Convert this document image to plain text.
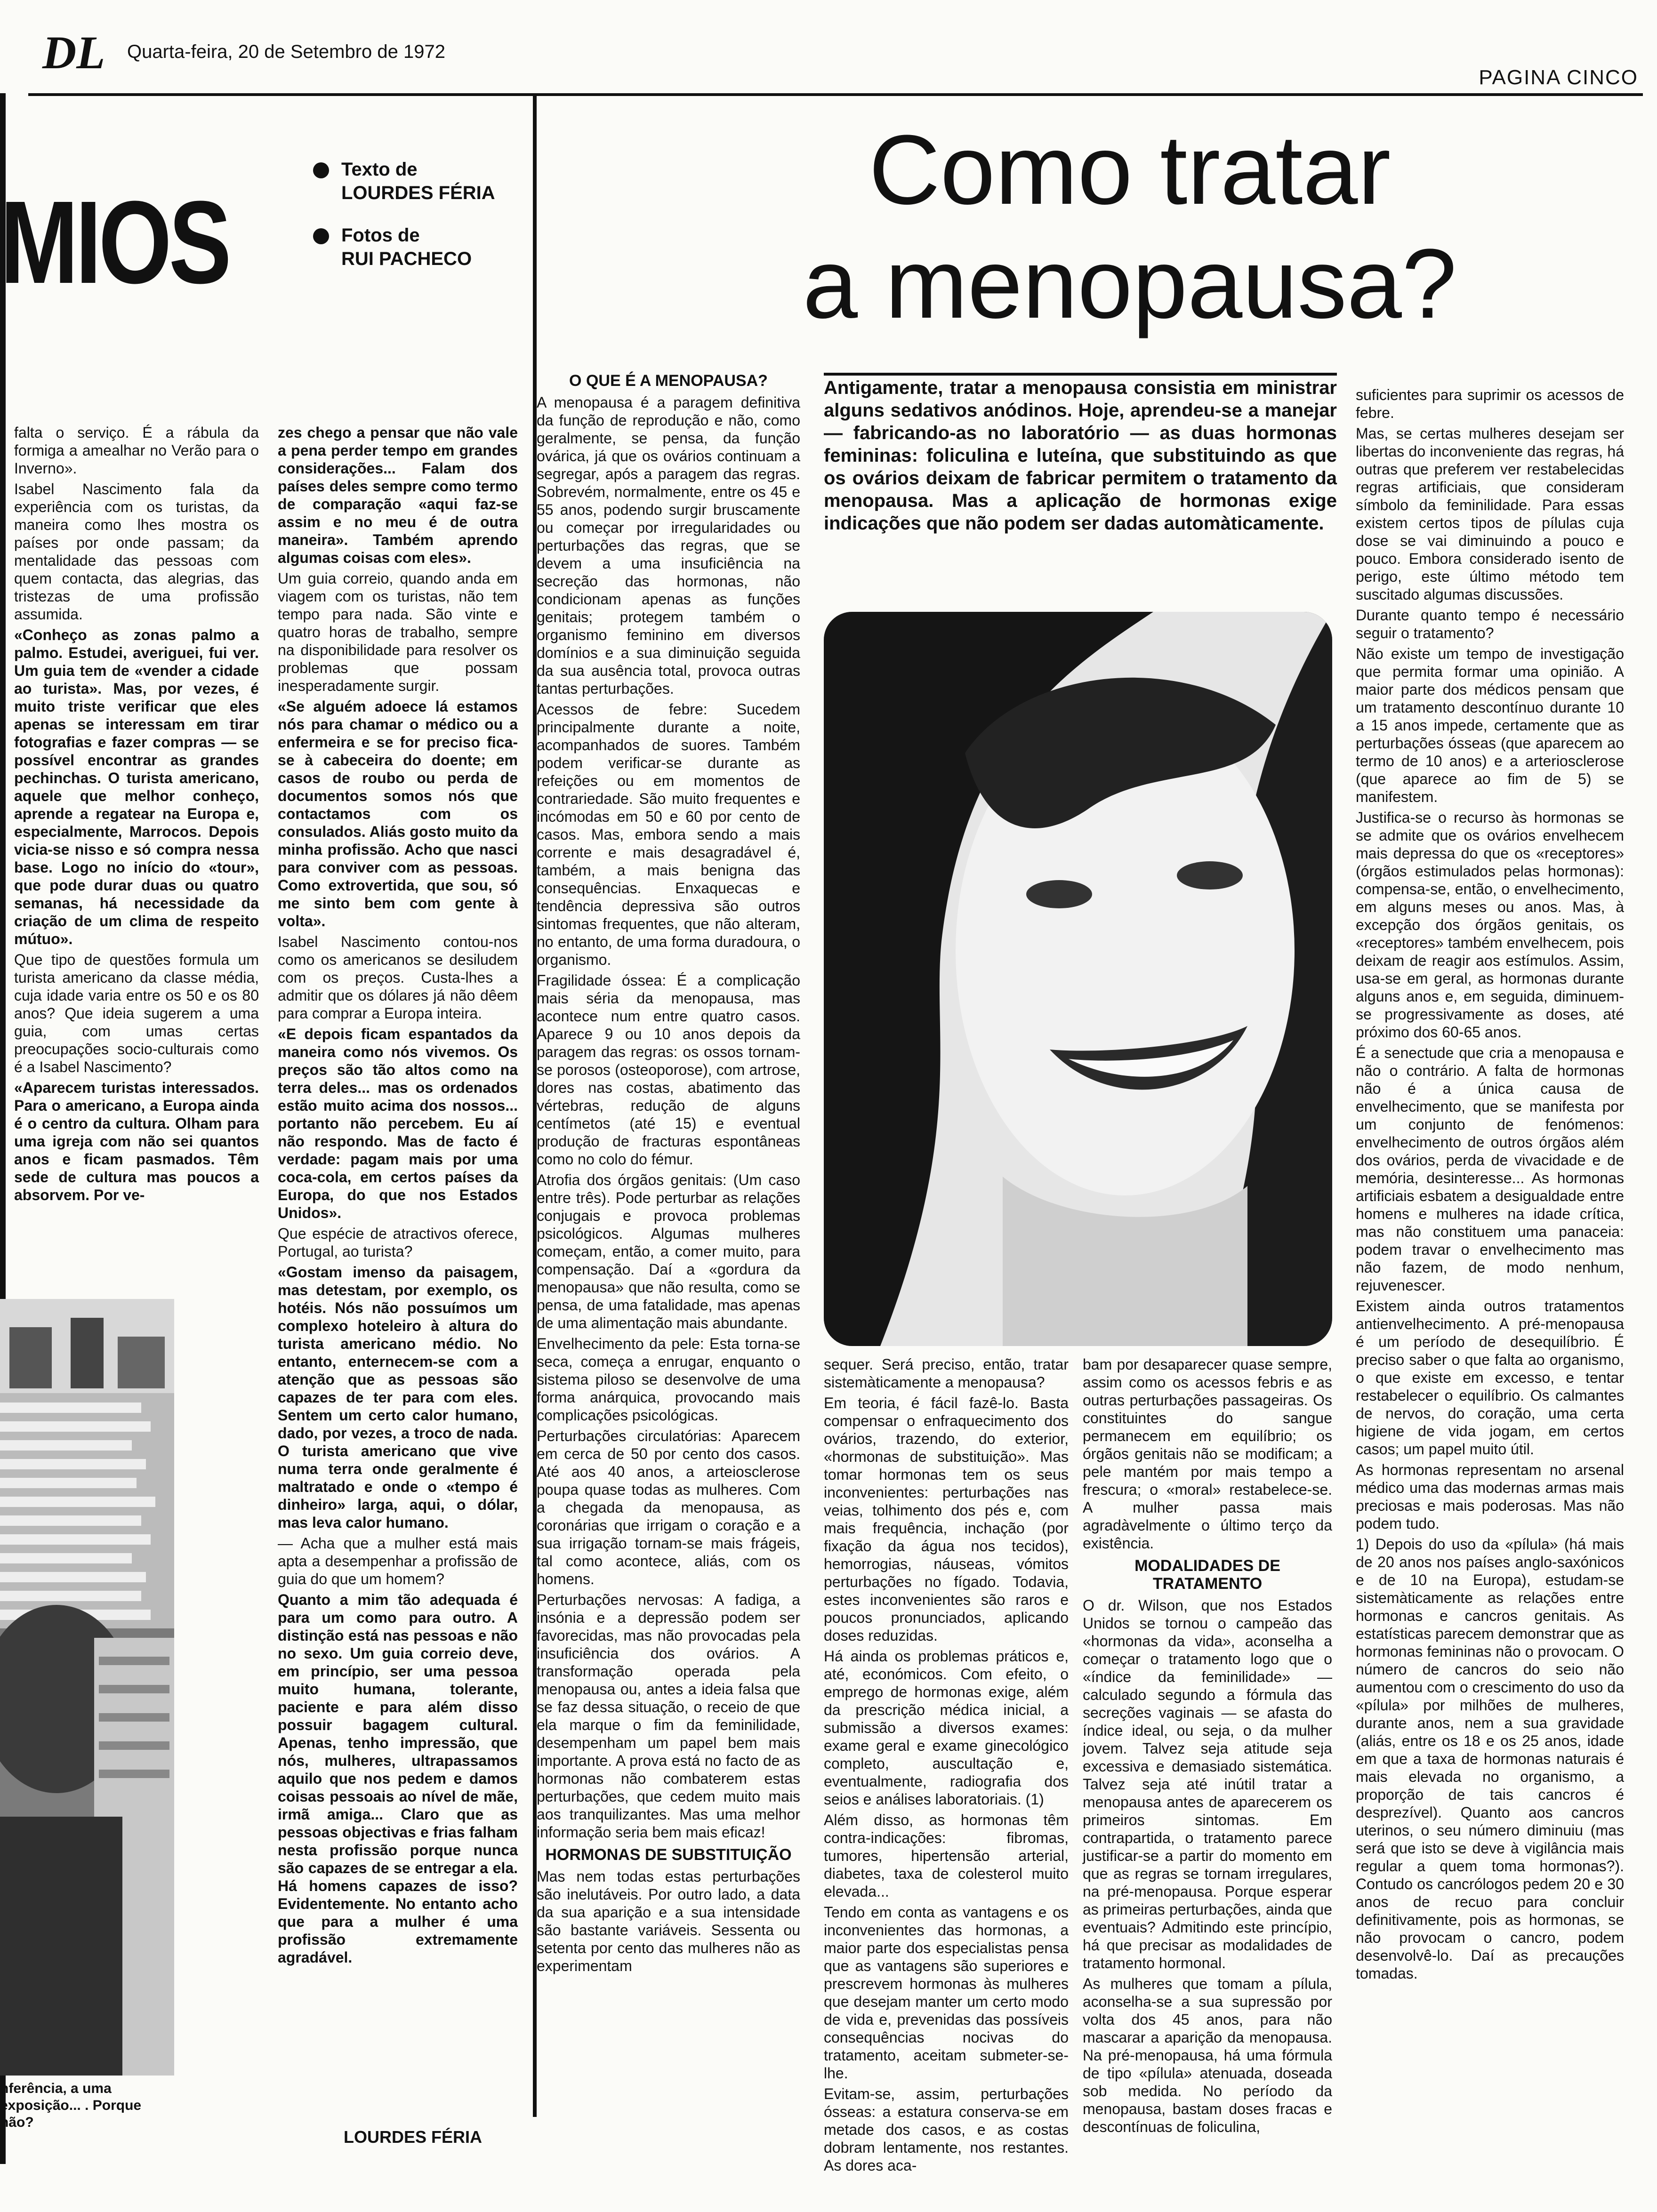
DL Quarta-feira, 20 de Setembro de 1972
PAGINA CINCO
MIOS
Texto de
LOURDES FÉRIA
Fotos de
RUI PACHECO

falta o serviço. É a rábula da formiga a amealhar no Verão para o Inverno».

Isabel Nascimento fala da experiência com os turistas, da maneira como lhes mostra os países por onde passam; da mentalidade das pessoas com quem contacta, das alegrias, das tristezas de uma profissão assumida.

«Conheço as zonas palmo a palmo. Estudei, averiguei, fui ver. Um guia tem de «vender a cidade ao turista». Mas, por vezes, é muito triste verificar que eles apenas se interessam em tirar fotografias e fazer compras — se possível encontrar as grandes pechinchas. O turista americano, aquele que melhor conheço, aprende a regatear na Europa e, especialmente, Marrocos. Depois vicia-se nisso e só compra nessa base. Logo no início do «tour», que pode durar duas ou quatro semanas, há necessidade da criação de um clima de respeito mútuo».

Que tipo de questões formula um turista americano da classe média, cuja idade varia entre os 50 e os 80 anos? Que ideia sugerem a uma guia, com umas certas preocupações socio-culturais como é a Isabel Nascimento?

«Aparecem turistas interessados. Para o americano, a Europa ainda é o centro da cultura. Olham para uma igreja com não sei quantos anos e ficam pasmados. Têm sede de cultura mas poucos a absorvem. Por ve-

nferência, a uma exposição... . Porque não?

zes chego a pensar que não vale a pena perder tempo em grandes considerações... Falam dos países deles sempre como termo de comparação «aqui faz-se assim e no meu é de outra maneira». Também aprendo algumas coisas com eles».

Um guia correio, quando anda em viagem com os turistas, não tem tempo para nada. São vinte e quatro horas de trabalho, sempre na disponibilidade para resolver os problemas que possam inesperadamente surgir.

«Se alguém adoece lá estamos nós para chamar o médico ou a enfermeira e se for preciso fica-se à cabeceira do doente; em casos de roubo ou perda de documentos somos nós que contactamos com os consulados. Aliás gosto muito da minha profissão. Acho que nasci para conviver com as pessoas. Como extrovertida, que sou, só me sinto bem com gente à volta».

Isabel Nascimento contou-nos como os americanos se desiludem com os preços. Custa-lhes a admitir que os dólares já não dêem para comprar a Europa inteira.

«E depois ficam espantados da maneira como nós vivemos. Os preços são tão altos como na terra deles... mas os ordenados estão muito acima dos nossos... portanto não percebem. Eu aí não respondo. Mas de facto é verdade: pagam mais por uma coca-cola, em certos países da Europa, do que nos Estados Unidos».

Que espécie de atractivos oferece, Portugal, ao turista?

«Gostam imenso da paisagem, mas detestam, por exemplo, os hotéis. Nós não possuímos um complexo hoteleiro à altura do turista americano médio. No entanto, enternecem-se com a atenção que as pessoas são capazes de ter para com eles. Sentem um certo calor humano, dado, por vezes, a troco de nada. O turista americano que vive numa terra onde geralmente é maltratado e onde o «tempo é dinheiro» larga, aqui, o dólar, mas leva calor humano.

— Acha que a mulher está mais apta a desempenhar a profissão de guia do que um homem?

Quanto a mim tão adequada é para um como para outro. A distinção está nas pessoas e não no sexo. Um guia correio deve, em princípio, ser uma pessoa muito humana, tolerante, paciente e para além disso possuir bagagem cultural. Apenas, tenho impressão, que nós, mulheres, ultrapassamos aquilo que nos pedem e damos coisas pessoais ao nível de mãe, irmã amiga... Claro que as pessoas objectivas e frias falham nesta profissão porque nunca são capazes de se entregar a ela. Há homens capazes de isso? Evidentemente. No entanto acho que para a mulher é uma profissão extremamente agradável.

LOURDES FÉRIA
Como tratar
a menopausa?
O QUE É A MENOPAUSA?

A menopausa é a paragem definitiva da função de reprodução e não, como geralmente, se pensa, da função ovárica, já que os ovários continuam a segregar, após a paragem das regras. Sobrevém, normalmente, entre os 45 e 55 anos, podendo surgir bruscamente ou começar por irregularidades ou perturbações das regras, que se devem a uma insuficiência na secreção das hormonas, não condicionam apenas as funções genitais; protegem também o organismo feminino em diversos domínios e a sua diminuição seguida da sua ausência total, provoca outras tantas perturbações.

Acessos de febre: Sucedem principalmente durante a noite, acompanhados de suores. Também podem verificar-se durante as refeições ou em momentos de contrariedade. São muito frequentes e incómodas em 50 e 60 por cento de casos. Mas, embora sendo a mais corrente e mais desagradável é, também, a mais benigna das consequências. Enxaquecas e tendência depressiva são outros sintomas frequentes, que não alteram, no entanto, de uma forma duradoura, o organismo.

Fragilidade óssea: É a complicação mais séria da menopausa, mas acontece num entre quatro casos. Aparece 9 ou 10 anos depois da paragem das regras: os ossos tornam-se porosos (osteoporose), com artrose, dores nas costas, abatimento das vértebras, redução de alguns centímetos (até 15) e eventual produção de fracturas espontâneas como no colo do fémur.

Atrofia dos órgãos genitais: (Um caso entre três). Pode perturbar as relações conjugais e provoca problemas psicológicos. Algumas mulheres começam, então, a comer muito, para compensação. Daí a «gordura da menopausa» que não resulta, como se pensa, de uma fatalidade, mas apenas de uma alimentação mais abundante.

Envelhecimento da pele: Esta torna-se seca, começa a enrugar, enquanto o sistema piloso se desenvolve de uma forma anárquica, provocando mais complicações psicológicas.

Perturbações circulatórias: Aparecem em cerca de 50 por cento dos casos. Até aos 40 anos, a arteiosclerose poupa quase todas as mulheres. Com a chegada da menopausa, as coronárias que irrigam o coração e a sua irrigação tornam-se mais frágeis, tal como acontece, aliás, com os homens.

Perturbações nervosas: A fadiga, a insónia e a depressão podem ser favorecidas, mas não provocadas pela insuficiência dos ovários. A transformação operada pela menopausa ou, antes a ideia falsa que se faz dessa situação, o receio de que ela marque o fim da feminilidade, desempenham um papel bem mais importante. A prova está no facto de as hormonas não combaterem estas perturbações, que cedem muito mais aos tranquilizantes. Mas uma melhor informação seria bem mais eficaz!

HORMONAS DE SUBSTITUIÇÃO

Mas nem todas estas perturbações são inelutáveis. Por outro lado, a data da sua aparição e a sua intensidade são bastante variáveis. Sessenta ou setenta por cento das mulheres não as experimentam

Antigamente, tratar a menopausa consistia em ministrar alguns sedativos anódinos. Hoje, aprendeu-se a manejar — fabricando-as no laboratório — as duas hormonas femininas: foliculina e luteína, que substituindo as que os ovários deixam de fabricar permitem o tratamento da menopausa. Mas a aplicação de hormonas exige indicações que não podem ser dadas automàticamente.

sequer. Será preciso, então, tratar sistemàticamente a menopausa?

Em teoria, é fácil fazê-lo. Basta compensar o enfraquecimento dos ovários, trazendo, do exterior, «hormonas de substituição». Mas tomar hormonas tem os seus inconvenientes: perturbações nas veias, tolhimento dos pés e, com mais frequência, inchação (por fixação da água nos tecidos), hemorrogias, náuseas, vómitos perturbações no fígado. Todavia, estes inconvenientes são raros e poucos pronunciados, aplicando doses reduzidas.

Há ainda os problemas práticos e, até, económicos. Com efeito, o emprego de hormonas exige, além da prescrição médica inicial, a submissão a diversos exames: exame geral e exame ginecológico completo, auscultação e, eventualmente, radiografia dos seios e análises laboratoriais. (1)

Além disso, as hormonas têm contra-indicações: fibromas, tumores, hipertensão arterial, diabetes, taxa de colesterol muito elevada...

Tendo em conta as vantagens e os inconvenientes das hormonas, a maior parte dos especialistas pensa que as vantagens são superiores e prescrevem hormonas às mulheres que desejam manter um certo modo de vida e, prevenidas das possíveis consequências nocivas do tratamento, aceitam submeter-se-lhe.

Evitam-se, assim, perturbações ósseas: a estatura conserva-se em metade dos casos, e as costas dobram lentamente, nos restantes. As dores aca-

bam por desaparecer quase sempre, assim como os acessos febris e as outras perturbações passageiras. Os constituintes do sangue permanecem em equilíbrio; os órgãos genitais não se modificam; a pele mantém por mais tempo a frescura; o «moral» restabelece-se. A mulher passa mais agradàvelmente o último terço da existência.

MODALIDADES DE TRATAMENTO

O dr. Wilson, que nos Estados Unidos se tornou o campeão das «hormonas da vida», aconselha a começar o tratamento logo que o «índice da feminilidade» — calculado segundo a fórmula das secreções vaginais — se afasta do índice ideal, ou seja, o da mulher jovem. Talvez seja atitude seja excessiva e demasiado sistemática. Talvez seja até inútil tratar a menopausa antes de aparecerem os primeiros sintomas. Em contrapartida, o tratamento parece justificar-se a partir do momento em que as regras se tornam irregulares, na pré-menopausa. Porque esperar as primeiras perturbações, ainda que eventuais? Admitindo este princípio, há que precisar as modalidades de tratamento hormonal.

As mulheres que tomam a pílula, aconselha-se a sua supressão por volta dos 45 anos, para não mascarar a aparição da menopausa. Na pré-menopausa, há uma fórmula de tipo «pílula» atenuada, doseada sob medida. No período da menopausa, bastam doses fracas e descontínuas de foliculina,

suficientes para suprimir os acessos de febre.

Mas, se certas mulheres desejam ser libertas do inconveniente das regras, há outras que preferem ver restabelecidas regras artificiais, que consideram símbolo da feminilidade. Para essas existem certos tipos de pílulas cuja dose se vai diminuindo a pouco e pouco. Embora considerado isento de perigo, este último método tem suscitado algumas discussões.

Durante quanto tempo é necessário seguir o tratamento?

Não existe um tempo de investigação que permita formar uma opinião. A maior parte dos médicos pensam que um tratamento descontínuo durante 10 a 15 anos impede, certamente que as perturbações ósseas (que aparecem ao termo de 10 anos) e a arteriosclerose (que aparece ao fim de 5) se manifestem.

Justifica-se o recurso às hormonas se se admite que os ovários envelhecem mais depressa do que os «receptores» (órgãos estimulados pelas hormonas): compensa-se, então, o envelhecimento, em alguns meses ou anos. Mas, à excepção dos órgãos genitais, os «receptores» também envelhecem, pois deixam de reagir aos estímulos. Assim, usa-se em geral, as hormonas durante alguns anos e, em seguida, diminuem-se progressivamente as doses, até próximo dos 60-65 anos.

É a senectude que cria a menopausa e não o contrário. A falta de hormonas não é a única causa de envelhecimento, que se manifesta por um conjunto de fenómenos: envelhecimento de outros órgãos além dos ovários, perda de vivacidade e de memória, desinteresse... As hormonas artificiais esbatem a desigualdade entre homens e mulheres na idade crítica, mas não constituem uma panaceia: podem travar o envelhecimento mas não fazem, de modo nenhum, rejuvenescer.

Existem ainda outros tratamentos antienvelhecimento. A pré-menopausa é um período de desequilíbrio. É preciso saber o que falta ao organismo, o que existe em excesso, e tentar restabelecer o equilíbrio. Os calmantes de nervos, do coração, uma certa higiene de vida jogam, em certos casos; um papel muito útil.

As hormonas representam no arsenal médico uma das modernas armas mais preciosas e mais poderosas. Mas não podem tudo.

1) Depois do uso da «pílula» (há mais de 20 anos nos países anglo-saxónicos e de 10 na Europa), estudam-se sistemàticamente as relações entre hormonas e cancros genitais. As estatísticas parecem demonstrar que as hormonas femininas não o provocam. O número de cancros do seio não aumentou com o crescimento do uso da «pílula» por milhões de mulheres, durante anos, nem a sua gravidade (aliás, entre os 18 e os 25 anos, idade em que a taxa de hormonas naturais é mais elevada no organismo, a proporção de tais cancros é desprezível). Quanto aos cancros uterinos, o seu número diminuiu (mas será que isto se deve à vigilância mais regular a quem toma hormonas?). Contudo os cancrólogos pedem 20 e 30 anos de recuo para concluir definitivamente, pois as hormonas, se não provocam o cancro, podem desenvolvê-lo. Daí as precauções tomadas.
